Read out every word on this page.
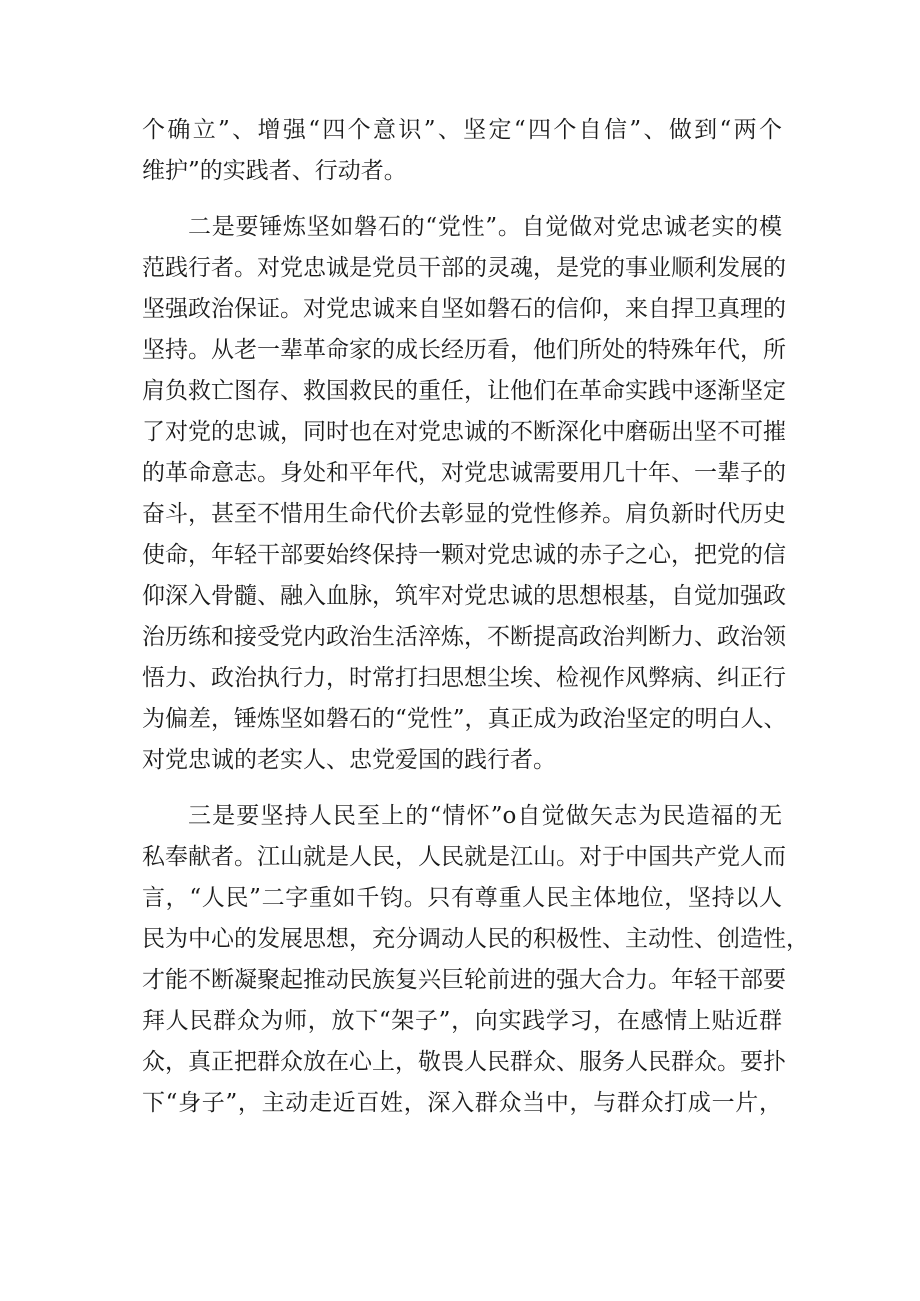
个确立”、增强“四个意识”、坚定“四个自信”、做到“两个
维护”的实践者、行动者。
二是要锤炼坚如磐石的“党性”。自觉做对党忠诚老实的模
范践行者。对党忠诚是党员干部的灵魂，是党的事业顺利发展的
坚强政治保证。对党忠诚来自坚如磐石的信仰，来自捍卫真理的
坚持。从老一辈革命家的成长经历看，他们所处的特殊年代，所
肩负救亡图存、救国救民的重任，让他们在革命实践中逐渐坚定
了对党的忠诚，同时也在对党忠诚的不断深化中磨砺出坚不可摧
的革命意志。身处和平年代，对党忠诚需要用几十年、一辈子的
奋斗，甚至不惜用生命代价去彰显的党性修养。肩负新时代历史
使命，年轻干部要始终保持一颗对党忠诚的赤子之心，把党的信
仰深入骨髓、融入血脉，筑牢对党忠诚的思想根基，自觉加强政
治历练和接受党内政治生活淬炼，不断提高政治判断力、政治领
悟力、政治执行力，时常打扫思想尘埃、检视作风弊病、纠正行
为偏差，锤炼坚如磐石的“党性”，真正成为政治坚定的明白人、
对党忠诚的老实人、忠党爱国的践行者。
三是要坚持人民至上的“情怀”o自觉做矢志为民造福的无
私奉献者。江山就是人民，人民就是江山。对于中国共产党人而
言，“人民”二字重如千钧。只有尊重人民主体地位，坚持以人
民为中心的发展思想，充分调动人民的积极性、主动性、创造性，
才能不断凝聚起推动民族复兴巨轮前进的强大合力。年轻干部要
拜人民群众为师，放下“架子”，向实践学习，在感情上贴近群
众，真正把群众放在心上，敬畏人民群众、服务人民群众。要扑
下“身子”，主动走近百姓，深入群众当中，与群众打成一片，
